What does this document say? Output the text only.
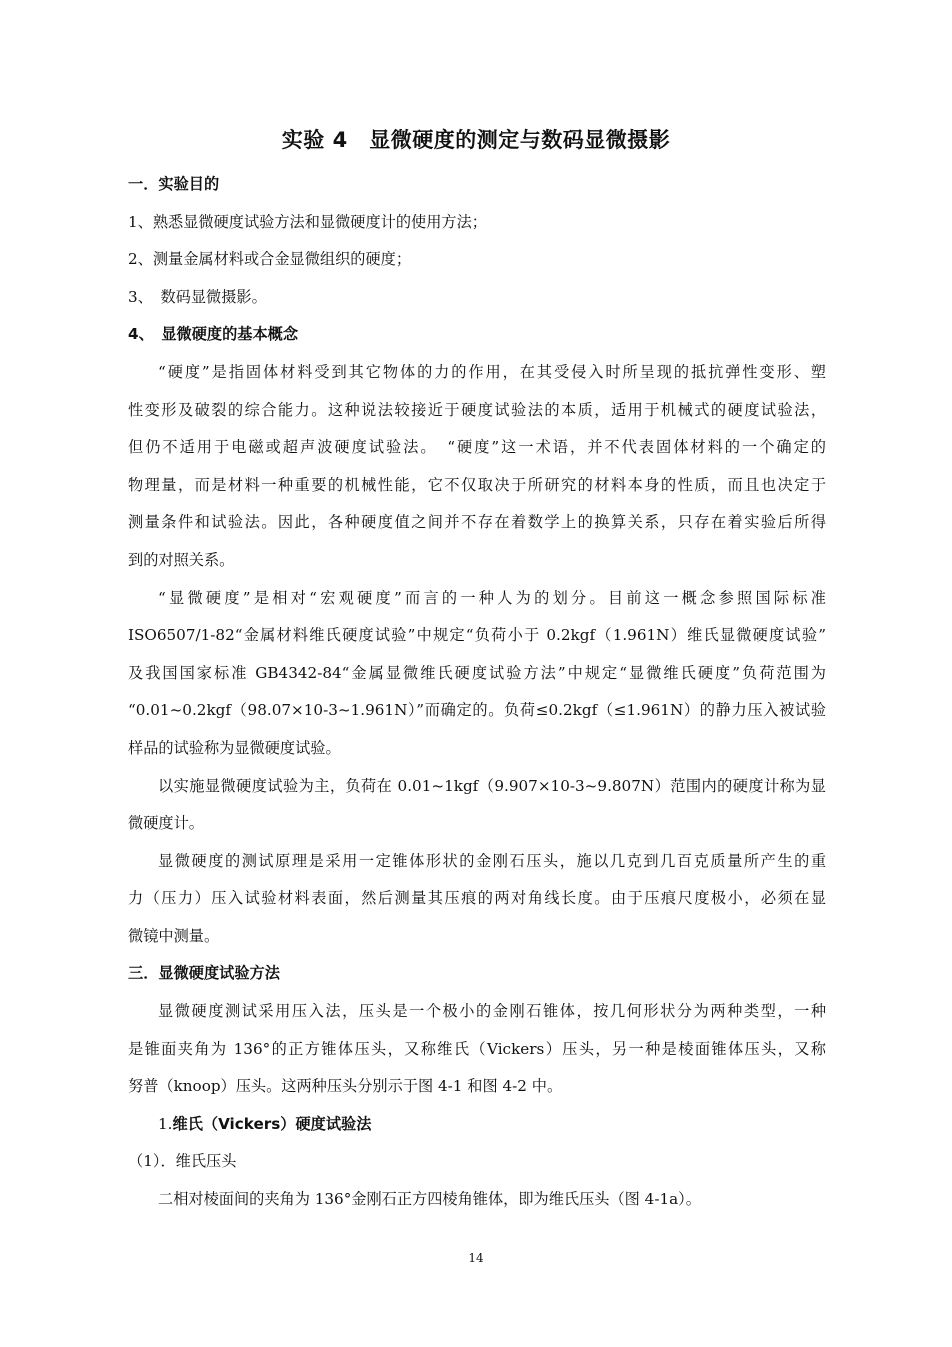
实验 4　显微硬度的测定与数码显微摄影
一．实验目的
1、熟悉显微硬度试验方法和显微硬度计的使用方法；
2、测量金属材料或合金显微组织的硬度；
3、　数码显微摄影。
4、　显微硬度的基本概念
“硬度”是指固体材料受到其它物体的力的作用，在其受侵入时所呈现的抵抗弹性变形、塑
性变形及破裂的综合能力。这种说法较接近于硬度试验法的本质，适用于机械式的硬度试验法，
但仍不适用于电磁或超声波硬度试验法。　“硬度”这一术语，并不代表固体材料的一个确定的
物理量，而是材料一种重要的机械性能，它不仅取决于所研究的材料本身的性质，而且也决定于
测量条件和试验法。因此，各种硬度值之间并不存在着数学上的换算关系，只存在着实验后所得
到的对照关系。
“显微硬度”是相对“宏观硬度”而言的一种人为的划分。目前这一概念参照国际标准
ISO6507/1-82“金属材料维氏硬度试验”中规定“负荷小于 0.2kgf（1.961N）维氏显微硬度试验”
及我国国家标准 GB4342-84“金属显微维氏硬度试验方法”中规定“显微维氏硬度”负荷范围为
“0.01~0.2kgf（98.07×10-3~1.961N）”而确定的。负荷≤0.2kgf（≤1.961N）的静力压入被试验
样品的试验称为显微硬度试验。
以实施显微硬度试验为主，负荷在 0.01~1kgf（9.907×10-3~9.807N）范围内的硬度计称为显
微硬度计。
显微硬度的测试原理是采用一定锥体形状的金刚石压头，施以几克到几百克质量所产生的重
力（压力）压入试验材料表面，然后测量其压痕的两对角线长度。由于压痕尺度极小，必须在显
微镜中测量。
三．显微硬度试验方法
显微硬度测试采用压入法，压头是一个极小的金刚石锥体，按几何形状分为两种类型，一种
是锥面夹角为 136°的正方锥体压头，又称维氏（Vickers）压头，另一种是棱面锥体压头，又称
努普（knoop）压头。这两种压头分别示于图 4-1 和图 4-2 中。
1.维氏（Vickers）硬度试验法
（1）．维氏压头
二相对棱面间的夹角为 136°金刚石正方四棱角锥体，即为维氏压头（图 4-1a）。
14
